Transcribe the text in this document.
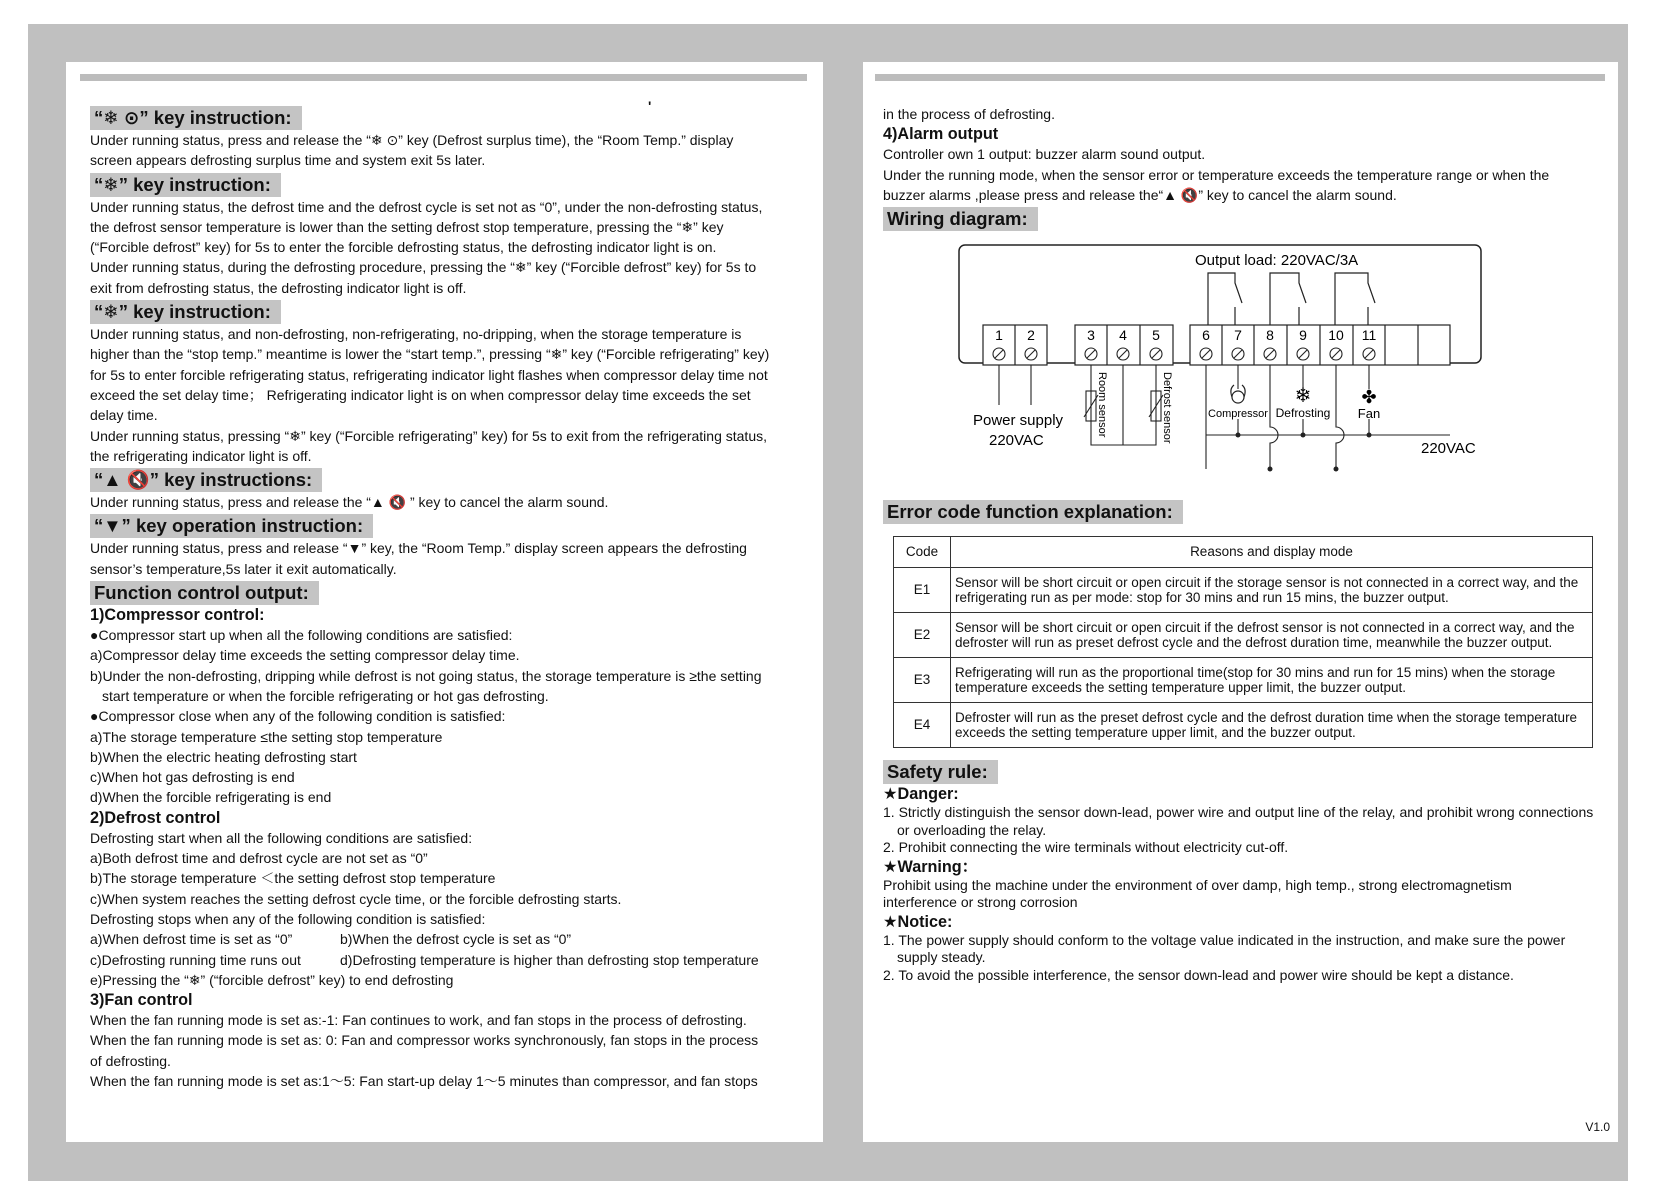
'
“❄ ⊙” key instruction:

Under running status, press and release the “❄ ⊙” key (Defrost surplus time), the “Room Temp.” display

screen appears defrosting surplus time and system exit 5s later.

“❄” key instruction:

Under running status, the defrost time and the defrost cycle is set not as “0”, under the non-defrosting status,

the defrost sensor temperature is lower than the setting defrost stop temperature, pressing the “❄” key

(“Forcible defrost” key) for 5s to enter the forcible defrosting status, the defrosting indicator light is on.

Under running status, during the defrosting procedure, pressing the “❄” key (“Forcible defrost” key) for 5s to

exit from defrosting status, the defrosting indicator light is off.

“❄” key instruction:

Under running status, and non-defrosting, non-refrigerating, no-dripping, when the storage temperature is

higher than the “stop temp.” meantime is lower the “start temp.”, pressing “❄” key (“Forcible refrigerating” key)

for 5s to enter forcible refrigerating status, refrigerating indicator light flashes when compressor delay time not

exceed the set delay time； Refrigerating indicator light is on when compressor delay time exceeds the set

delay time.

Under running status, pressing “❄” key (“Forcible refrigerating” key) for 5s to exit from the refrigerating status,

the refrigerating indicator light is off.

“▲ 🔇” key instructions:

Under running status, press and release the “▲ 🔇 ” key to cancel the alarm sound.

“▼” key operation instruction:

Under running status, press and release “▼” key, the “Room Temp.” display screen appears the defrosting

sensor’s temperature,5s later it exit automatically.

Function control output:

1)Compressor control:

●Compressor start up when all the following conditions are satisfied:

a)Compressor delay time exceeds the setting compressor delay time.

b)Under the non-defrosting, dripping while defrost is not going status, the storage temperature is ≥the setting

start temperature or when the forcible refrigerating or hot gas defrosting.

●Compressor close when any of the following condition is satisfied:

a)The storage temperature ≤the setting stop temperature

b)When the electric heating defrosting start

c)When hot gas defrosting is end

d)When the forcible refrigerating is end

2)Defrost control

Defrosting start when all the following conditions are satisfied:

a)Both defrost time and defrost cycle are not set as “0”

b)The storage temperature ＜the setting defrost stop temperature

c)When system reaches the setting defrost cycle time, or the forcible defrosting starts.

Defrosting stops when any of the following condition is satisfied:

a)When defrost time is set as “0”	b)When the defrost cycle is set as “0”
c)Defrosting running time runs out	d)Defrosting temperature is higher than defrosting stop temperature

e)Pressing the “❄” (“forcible defrost” key) to end defrosting

3)Fan control

When the fan running mode is set as:-1: Fan continues to work, and fan stops in the process of defrosting.

When the fan running mode is set as: 0: Fan and compressor works synchronously, fan stops in the process

of defrosting.

When the fan running mode is set as:1～5: Fan start-up delay 1～5 minutes than compressor, and fan stops

in the process of defrosting.

4)Alarm output

Controller own 1 output: buzzer alarm sound output.

Under the running mode, when the sensor error or temperature exceeds the temperature range or when the

buzzer alarms ,please press and release the“▲ 🔇” key to cancel the alarm sound.

Wiring diagram:
Output load: 220VAC/3A
1 2	3 4 5	6 7 8 9 10 11
❄	✤
Power supply
220VAC
Room sensor	Defrost sensor	Compressor Defrosting Fan
220VAC
Error code function explanation:
Code	Reasons and display mode
E1	Sensor will be short circuit or open circuit if the storage sensor is not connected in a correct way, and the refrigerating run as per mode: stop for 30 mins and run 15 mins, the buzzer output.
E2	Sensor will be short circuit or open circuit if the defrost sensor is not connected in a correct way, and the defroster will run as preset defrost cycle and the defrost duration time, meanwhile the buzzer output.
E3	Refrigerating will run as the proportional time(stop for 30 mins and run for 15 mins) when the storage temperature exceeds the setting temperature upper limit, the buzzer output.
E4	Defroster will run as the preset defrost cycle and the defrost duration time when the storage temperature exceeds the setting temperature upper limit, and the buzzer output.
Safety rule:

★Danger:

1. Strictly distinguish the sensor down-lead, power wire and output line of the relay, and prohibit wrong connections or overloading the relay.

2. Prohibit connecting the wire terminals without electricity cut-off.

★Warning：

Prohibit using the machine under the environment of over damp, high temp., strong electromagnetism

interference or strong corrosion

★Notice:

1. The power supply should conform to the voltage value indicated in the instruction, and make sure the power supply steady.

2. To avoid the possible interference, the sensor down-lead and power wire should be kept a distance.

V1.0
